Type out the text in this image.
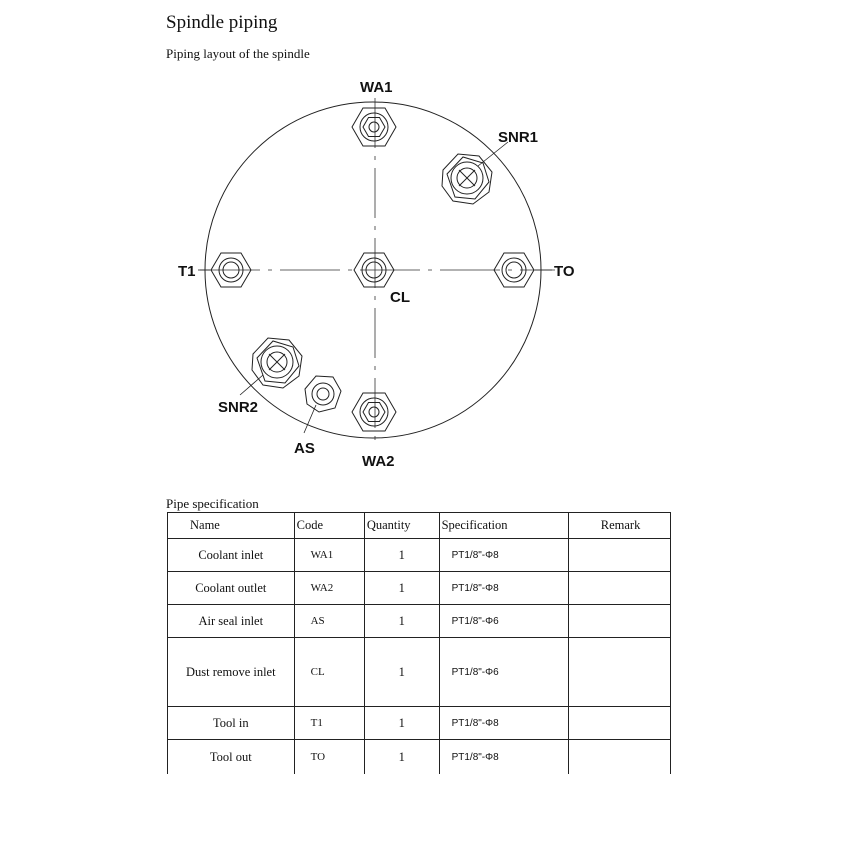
Spindle piping
Piping layout of the spindle
WA1
SNR1
T1	TO
CL
SNR2
AS
WA2
Pipe specification
Name	Code	Quantity	Specification	Remark
Coolant inlet	WA1	1	PT1/8"-Φ8	
Coolant outlet	WA2	1	PT1/8"-Φ8	
Air seal inlet	AS	1	PT1/8"-Φ6	
Dust remove inlet	CL	1	PT1/8"-Φ6	
Tool in	T1	1	PT1/8"-Φ8	
Tool out	TO	1	PT1/8"-Φ8	
